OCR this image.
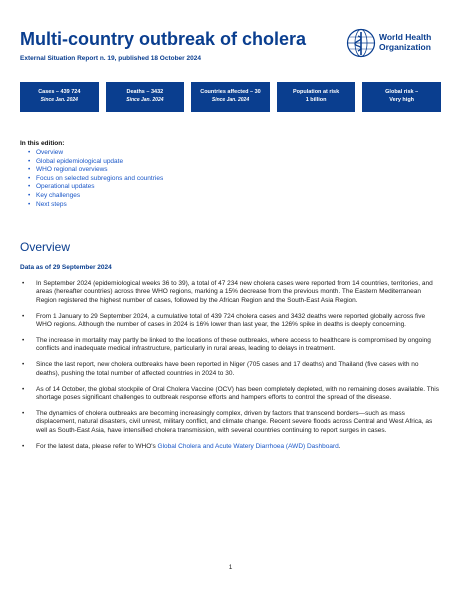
Multi-country outbreak of cholera
External Situation Report n. 19, published 18 October 2024
World Health
Organization
Cases – 439 724
Since Jan. 2024
Deaths – 3432
Since Jan. 2024
Countries affected – 30
Since Jan. 2024
Population at risk
1 billion
Global risk –
Very high
In this edition:
• Overview
• Global epidemiological update
• WHO regional overviews
• Focus on selected subregions and countries
• Operational updates
• Key challenges
• Next steps
Overview
Data as of 29 September 2024
• In September 2024 (epidemiological weeks 36 to 39), a total of 47 234 new cholera cases were reported from 14 countries, territories, and areas (hereafter countries) across three WHO regions, marking a 15% decrease from the previous month. The Eastern Mediterranean Region registered the highest number of cases, followed by the African Region and the South-East Asia Region.
• From 1 January to 29 September 2024, a cumulative total of 439 724 cholera cases and 3432 deaths were reported globally across five WHO regions. Although the number of cases in 2024 is 16% lower than last year, the 126% spike in deaths is deeply concerning.
• The increase in mortality may partly be linked to the locations of these outbreaks, where access to healthcare is compromised by ongoing conflicts and inadequate medical infrastructure, particularly in rural areas, leading to delays in treatment.
• Since the last report, new cholera outbreaks have been reported in Niger (705 cases and 17 deaths) and Thailand (five cases with no deaths), pushing the total number of affected countries in 2024 to 30.
• As of 14 October, the global stockpile of Oral Cholera Vaccine (OCV) has been completely depleted, with no remaining doses available. This shortage poses significant challenges to outbreak response efforts and hampers efforts to control the spread of the disease.
• The dynamics of cholera outbreaks are becoming increasingly complex, driven by factors that transcend borders—such as mass displacement, natural disasters, civil unrest, military conflict, and climate change. Recent severe floods across Central and West Africa, as well as South-East Asia, have intensified cholera transmission, with several countries continuing to report surges in cases.
• For the latest data, please refer to WHO's Global Cholera and Acute Watery Diarrhoea (AWD) Dashboard.
1
